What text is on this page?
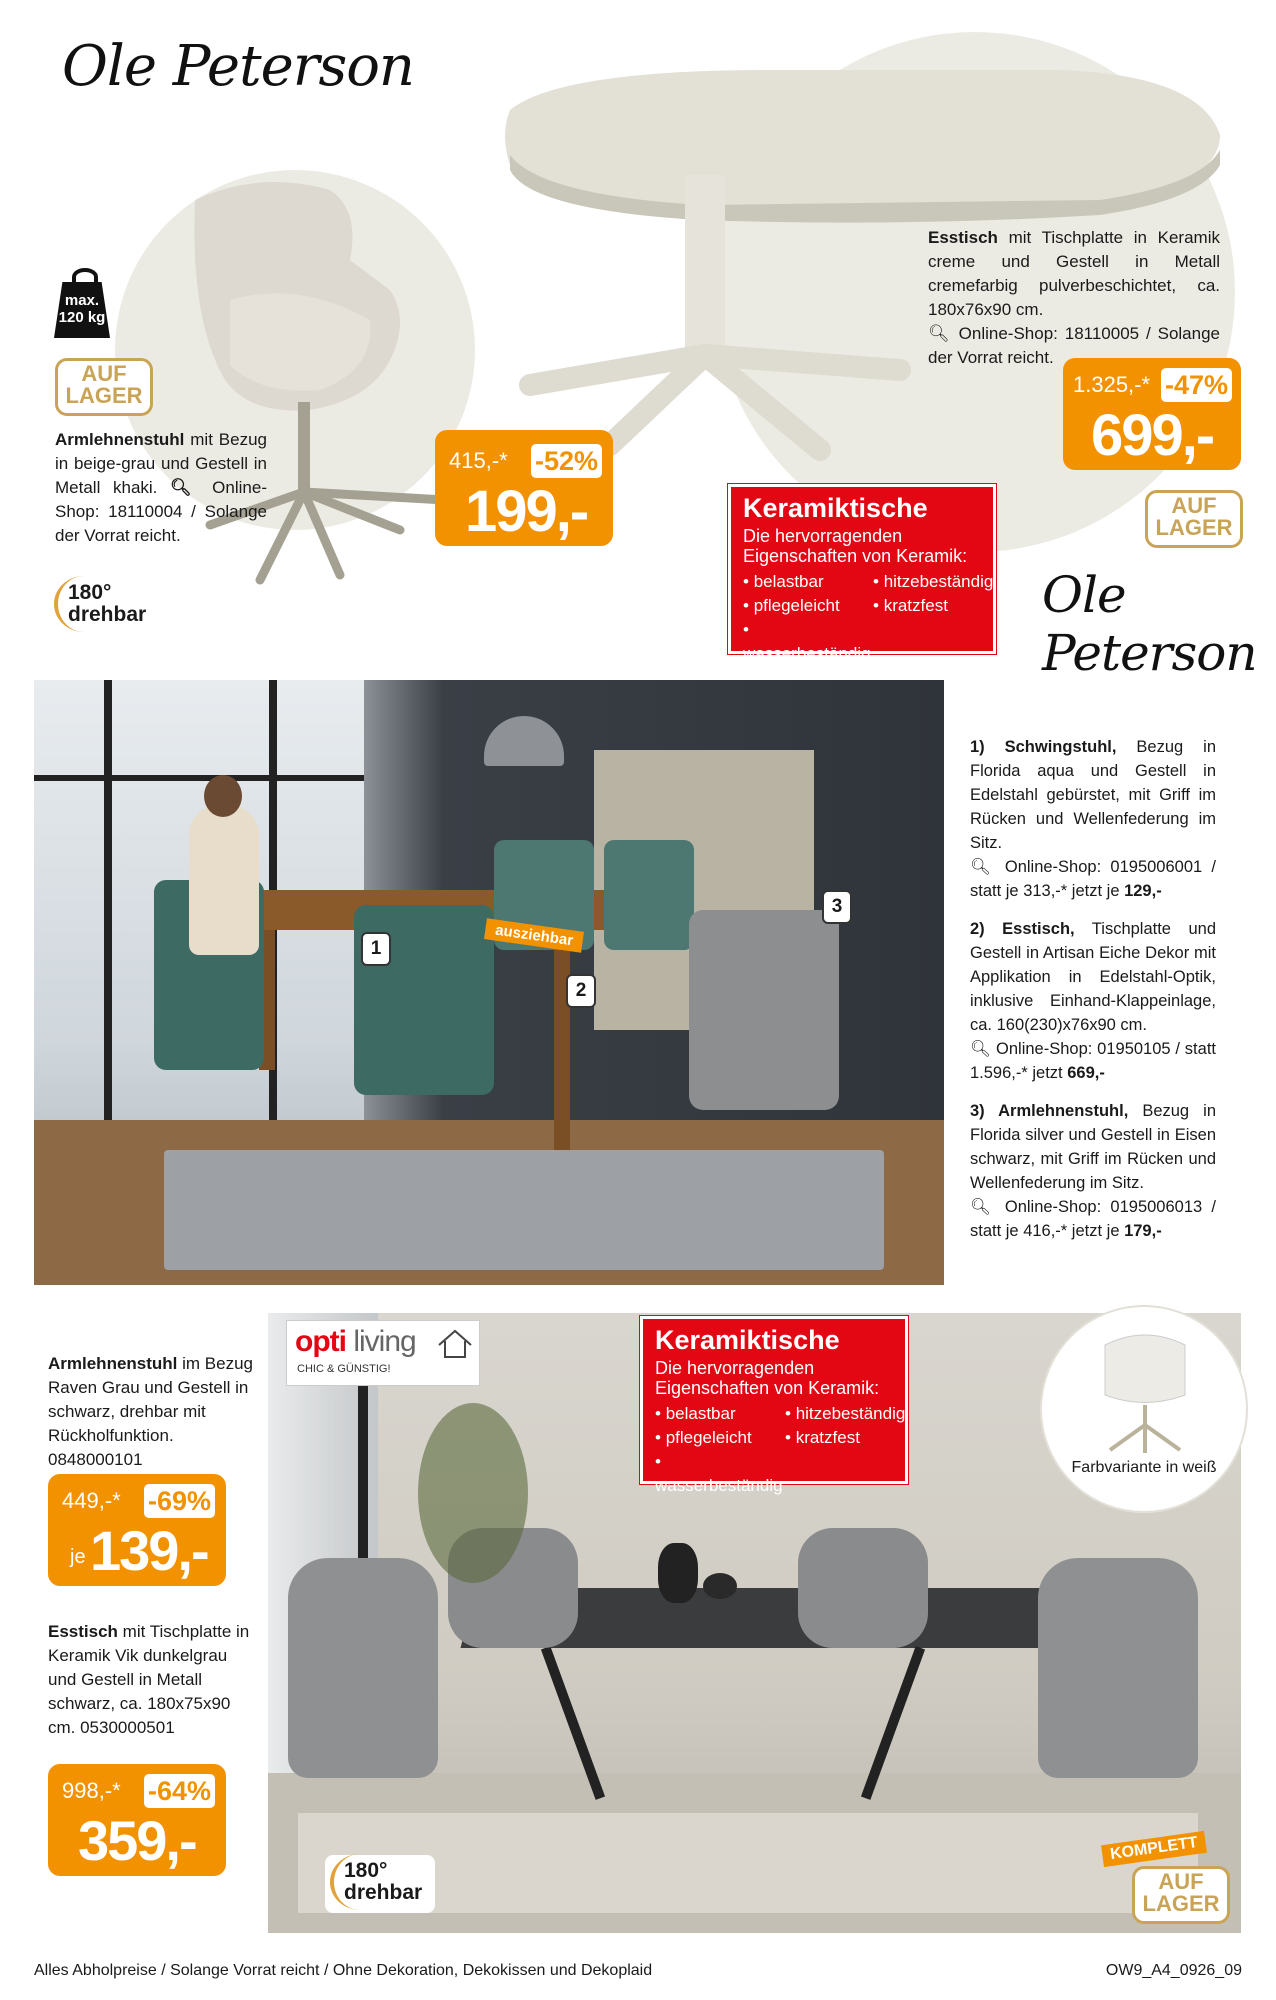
Ole Peterson
max.
120 kg
AUF
LAGER
Armlehnenstuhl mit Bezug in beige-grau und Gestell in Metall khaki. 🔍︎ Online-Shop: 18110004 / Solange der Vorrat reicht.
180°
drehbar
415,-* -52%
199,-
Esstisch mit Tischplatte in Keramik creme und Gestell in Metall cremefarbig pulverbeschichtet, ca. 180x76x90 cm.
🔍︎ Online-Shop: 18110005 / Solange der Vorrat reicht.
1.325,-* -47%
699,-
AUF
LAGER
Keramiktische
Die hervorragenden Eigenschaften von Keramik:
• belastbar	• hitzebeständig
• pflegeleicht	• kratzfest
• wasserbeständig
Ole Peterson
ausziehbar
1
2
3
1) Schwingstuhl, Bezug in Florida aqua und Gestell in Edelstahl gebürstet, mit Griff im Rücken und Wellenfederung im Sitz.
🔍︎ Online-Shop: 0195006001 / statt je 313,-* jetzt je 129,-
2) Esstisch, Tischplatte und Gestell in Artisan Eiche Dekor mit Applikation in Edelstahl-Optik, inklusive Einhand-Klappeinlage, ca. 160(230)x76x90 cm.
🔍︎ Online-Shop: 01950105 / statt 1.596,-* jetzt 669,-
3) Armlehnenstuhl, Bezug in Florida silver und Gestell in Eisen schwarz, mit Griff im Rücken und Wellenfederung im Sitz.
🔍︎ Online-Shop: 0195006013 / statt je 416,-* jetzt je 179,-
opti living
CHIC & GÜNSTIG!
Keramiktische
Die hervorragenden Eigenschaften von Keramik:
• belastbar	• hitzebeständig
• pflegeleicht	• kratzfest
• wasserbeständig
Farbvariante in weiß
Armlehnenstuhl im Bezug Raven Grau und Gestell in schwarz, drehbar mit Rückholfunktion. 0848000101
449,-* -69%
je 139,-
Esstisch mit Tischplatte in Keramik Vik dunkelgrau und Gestell in Metall schwarz, ca. 180x75x90 cm. 0530000501
998,-* -64%
359,-	180°
drehbar
KOMPLETT
AUF
LAGER
Alles Abholpreise / Solange Vorrat reicht / Ohne Dekoration, Dekokissen und Dekoplaid	OW9_A4_0926_09
